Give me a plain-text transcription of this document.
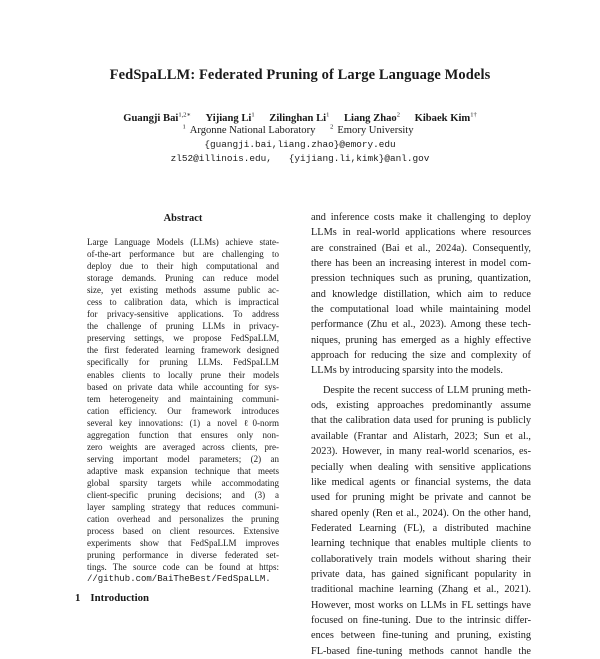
FedSpaLLM: Federated Pruning of Large Language Models
Guangji Bai$^{1,2∗}$ Yijiang Li$^1$ Zilinghan Li$^1$ Liang Zhao$^2$ Kibaek Kim$^{1\dagger}$
$^1$ Argonne National Laboratory $^2$ Emory University
{guangji.bai,liang.zhao}@emory.edu
zl52@illinois.edu,   {yijiang.li,kimk}@anl.gov
Abstract
Large Language Models (LLMs) achieve state-
of-the-art performance but are challenging to
deploy due to their high computational and
storage demands. Pruning can reduce model
size, yet existing methods assume public ac-
cess to calibration data, which is impractical
for privacy-sensitive applications. To address
the challenge of pruning LLMs in privacy-
preserving settings, we propose FedSpaLLM,
the first federated learning framework designed
specifically for pruning LLMs. FedSpaLLM
enables clients to locally prune their models
based on private data while accounting for sys-
tem heterogeneity and maintaining communi-
cation efficiency. Our framework introduces
several key innovations: (1) a novel ℓ0-norm
aggregation function that ensures only non-
zero weights are averaged across clients, pre-
serving important model parameters; (2) an
adaptive mask expansion technique that meets
global sparsity targets while accommodating
client-specific pruning decisions; and (3) a
layer sampling strategy that reduces communi-
cation overhead and personalizes the pruning
process based on client resources. Extensive
experiments show that FedSpaLLM improves
pruning performance in diverse federated set-
tings. The source code can be found at https:
//github.com/BaiTheBest/FedSpaLLM.
1 Introduction
and inference costs make it challenging to deploy
LLMs in real-world applications where resources
are constrained (Bai et al., 2024a). Consequently,
there has been an increasing interest in model com-
pression techniques such as pruning, quantization,
and knowledge distillation, which aim to reduce
the computational load while maintaining model
performance (Zhu et al., 2023). Among these tech-
niques, pruning has emerged as a highly effective
approach for reducing the size and complexity of
LLMs by introducing sparsity into the models.
Despite the recent success of LLM pruning meth-
ods, existing approaches predominantly assume
that the calibration data used for pruning is publicly
available (Frantar and Alistarh, 2023; Sun et al.,
2023). However, in many real-world scenarios, es-
pecially when dealing with sensitive applications
like medical agents or financial systems, the data
used for pruning might be private and cannot be
shared openly (Ren et al., 2024). On the other hand,
Federated Learning (FL), a distributed machine
learning technique that enables multiple clients to
collaboratively train models without sharing their
private data, has gained significant popularity in
traditional machine learning (Zhang et al., 2021).
However, most works on LLMs in FL settings have
focused on fine-tuning. Due to the intrinsic differ-
ences between fine-tuning and pruning, existing
FL-based fine-tuning methods cannot handle the
